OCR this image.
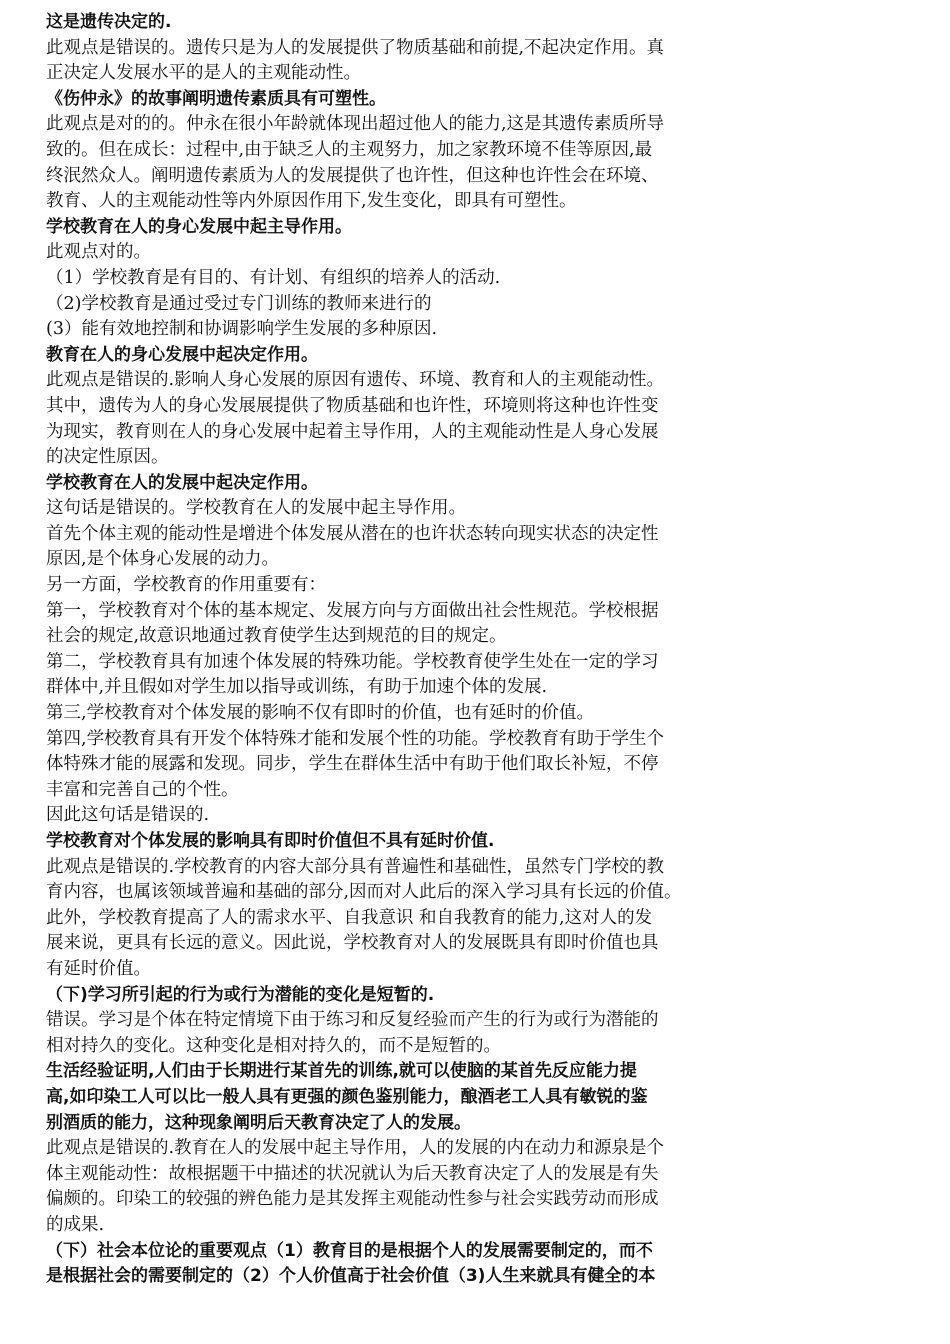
这是遗传决定的.

此观点是错误的。遗传只是为人的发展提供了物质基础和前提,不起决定作用。真

正决定人发展水平的是人的主观能动性。

《伤仲永》的故事阐明遗传素质具有可塑性。

此观点是对的的。仲永在很小年龄就体现出超过他人的能力,这是其遗传素质所导

致的。但在成长：过程中,由于缺乏人的主观努力，加之家教环境不佳等原因,最

终泯然众人。阐明遗传素质为人的发展提供了也许性，但这种也许性会在环境、

教育、人的主观能动性等内外原因作用下,发生变化，即具有可塑性。

学校教育在人的身心发展中起主导作用。

此观点对的。

（1）学校教育是有目的、有计划、有组织的培养人的活动.

（2)学校教育是通过受过专门训练的教师来进行的

(3）能有效地控制和协调影响学生发展的多种原因.

教育在人的身心发展中起决定作用。

此观点是错误的.影响人身心发展的原因有遗传、环境、教育和人的主观能动性。

其中，遗传为人的身心发展展提供了物质基础和也许性，环境则将这种也许性变

为现实，教育则在人的身心发展中起着主导作用，人的主观能动性是人身心发展

的决定性原因。

学校教育在人的发展中起决定作用。

这句话是错误的。学校教育在人的发展中起主导作用。

首先个体主观的能动性是增进个体发展从潜在的也许状态转向现实状态的决定性

原因,是个体身心发展的动力。

另一方面，学校教育的作用重要有：

第一，学校教育对个体的基本规定、发展方向与方面做出社会性规范。学校根据

社会的规定,故意识地通过教育使学生达到规范的目的规定。

第二，学校教育具有加速个体发展的特殊功能。学校教育使学生处在一定的学习

群体中,并且假如对学生加以指导或训练，有助于加速个体的发展.

第三,学校教育对个体发展的影响不仅有即时的价值，也有延时的价值。

第四,学校教育具有开发个体特殊才能和发展个性的功能。学校教育有助于学生个

体特殊才能的展露和发现。同步，学生在群体生活中有助于他们取长补短，不停

丰富和完善自己的个性。

因此这句话是错误的.

学校教育对个体发展的影响具有即时价值但不具有延时价值.

此观点是错误的.学校教育的内容大部分具有普遍性和基础性，虽然专门学校的教

育内容，也属该领域普遍和基础的部分,因而对人此后的深入学习具有长远的价值。

此外，学校教育提高了人的需求水平、自我意识 和自我教育的能力,这对人的发

展来说，更具有长远的意义。因此说，学校教育对人的发展既具有即时价值也具

有延时价值。

（下)学习所引起的行为或行为潜能的变化是短暂的.

错误。学习是个体在特定情境下由于练习和反复经验而产生的行为或行为潜能的

相对持久的变化。这种变化是相对持久的，而不是短暂的。

生活经验证明,人们由于长期进行某首先的训练,就可以使脑的某首先反应能力提

高,如印染工人可以比一般人具有更强的颜色鉴别能力，酿酒老工人具有敏锐的鉴

别酒质的能力，这种现象阐明后天教育决定了人的发展。

此观点是错误的.教育在人的发展中起主导作用，人的发展的内在动力和源泉是个

体主观能动性：故根据题干中描述的状况就认为后天教育决定了人的发展是有失

偏颇的。印染工的较强的辨色能力是其发挥主观能动性参与社会实践劳动而形成

的成果.

（下）社会本位论的重要观点（1）教育目的是根据个人的发展需要制定的，而不

是根据社会的需要制定的（2）个人价值高于社会价值（3)人生来就具有健全的本
